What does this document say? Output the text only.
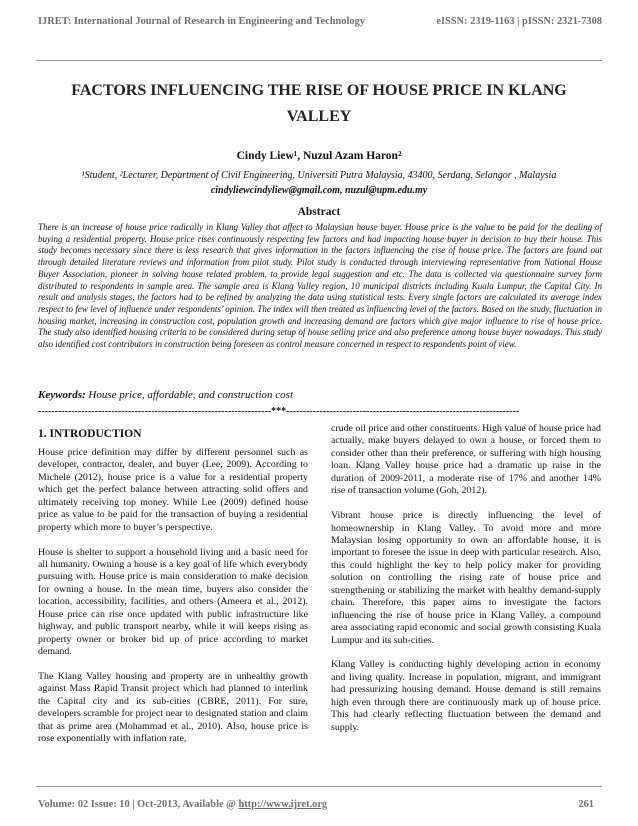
IJRET: International Journal of Research in Engineering and Technology	eISSN: 2319-1163 | pISSN: 2321-7308
FACTORS INFLUENCING THE RISE OF HOUSE PRICE IN KLANG VALLEY
Cindy Liew¹, Nuzul Azam Haron²
¹Student, ²Lecturer, Department of Civil Engineering, Universiti Putra Malaysia, 43400, Serdang, Selangor , Malaysia
cindyliewcindyliew@gmail.com, nuzul@upm.edu.my
Abstract

There is an increase of house price radically in Klang Valley that affect to Malaysian house buyer. House price is the value to be paid for the dealing of buying a residential property. House price rises continuously respecting few factors and had impacting house buyer in decision to buy their house. This study becomes necessary since there is less research that gives information in the factors influencing the rise of house price. The factors are found out through detailed literature reviews and information from pilot study. Pilot study is conducted through interviewing representative from National House Buyer Association, pioneer in solving house related problem, to provide legal suggestion and etc. The data is collected via questionnaire survey form distributed to respondents in sample area. The sample area is Klang Valley region, 10 municipal districts including Kuala Lumpur, the Capital City. In result and analysis stages, the factors had to be refined by analyzing the data using statistical tests. Every single factors are calculated its average index respect to few level of influence under respondents’ opinion. The index will then treated as influencing level of the factors. Based on the study, fluctuation in housing market, increasing in construction cost, population growth and increasing demand are factors which give major influence to rise of house price. The study also identified housing criteria to be considered during setup of house selling price and also preference among house buyer nowadays. This study also identified cost contributors in construction being foreseen as control measure concerned in respect to respondents point of view.

Keywords: House price, affordable, and construction cost
----------------------------------------------------------------------***----------------------------------------------------------------------
1. INTRODUCTION

House price definition may differ by different personnel such as developer, contractor, dealer, and buyer (Lee, 2009). According to Michele (2012), house price is a value for a residential property which get the perfect balance between attracting solid offers and ultimately receiving top money. While Lee (2009) defined house price as value to be paid for the transaction of buying a residential property which more to buyer’s perspective.

House is shelter to support a household living and a basic need for all humanity. Owning a house is a key goal of life which everybody pursuing with. House price is main consideration to make decision for owning a house. In the mean time, buyers also consider the location, accessibility, facilities, and others (Ameera et al., 2012). House price can rise once updated with public infrastructure like highway, and public transport nearby, while it will keeps rising as property owner or broker bid up of price according to market demand.

The Klang Valley housing and property are in unhealthy growth against Mass Rapid Transit project which had planned to interlink the Capital city and its sub-cities (CBRE, 2011). For sure, developers scramble for project near to designated station and claim that as prime area (Mohammad et al., 2010). Also, house price is rose exponentially with inflation rate,

crude oil price and other constituents. High value of house price had actually, make buyers delayed to own a house, or forced them to consider other than their preference, or suffering with high housing loan. Klang Valley house price had a dramatic up raise in the duration of 2009-2011, a moderate rise of 17% and another 14% rise of transaction volume (Goh, 2012).

Vibrant house price is directly influencing the level of homeownership in Klang Valley. To avoid more and more Malaysian losing opportunity to own an affordable house, it is important to foresee the issue in deep with particular research. Also, this could highlight the key to help policy maker for providing solution on controlling the rising rate of house price and strengthening or stabilizing the market with healthy demand-supply chain. Therefore, this paper aims to investigate the factors influencing the rise of house price in Klang Valley, a compound area associating rapid economic and social growth consisting Kuala Lumpur and its sub-cities.

Klang Valley is conducting highly developing action in economy and living quality. Increase in population, migrant, and immigrant had pressurizing housing demand. House demand is still remains high even through there are continuously mark up of house price. This had clearly reflecting fluctuation between the demand and supply.

Volume: 02 Issue: 10 | Oct-2013, Available @ http://www.ijret.org	261
